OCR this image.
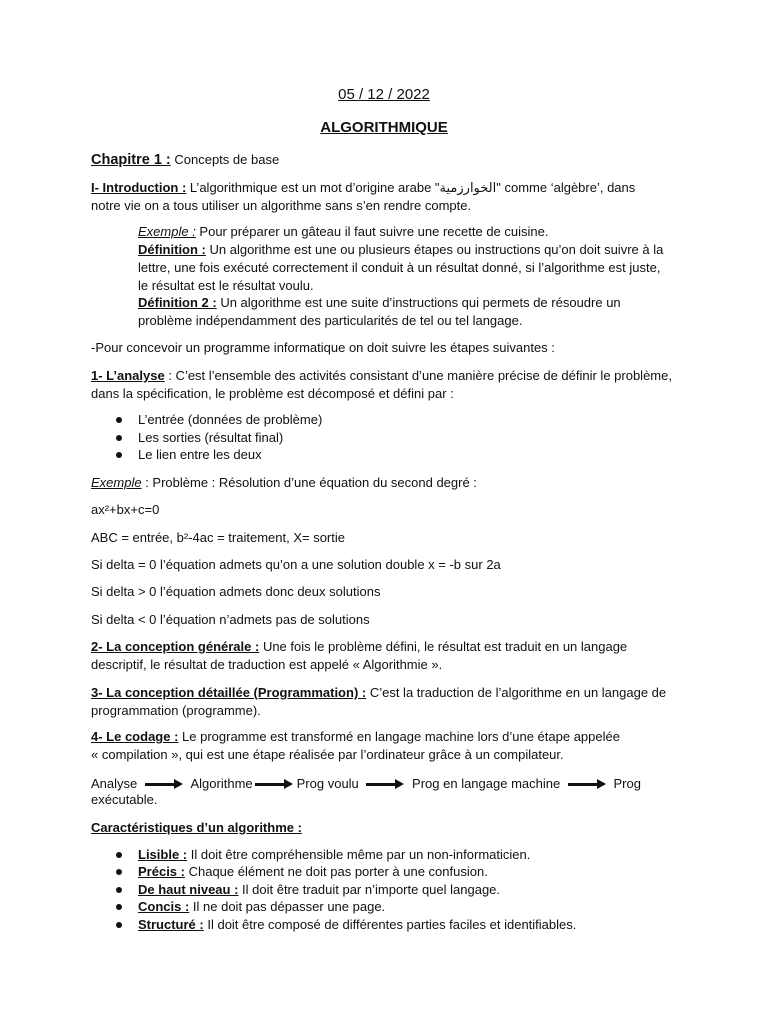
05 / 12 / 2022
ALGORITHMIQUE
Chapitre 1 : Concepts de base
I- Introduction : L’algorithmique est un mot d’origine arabe "الخوارزمية" comme ‘algèbre’, dans
notre vie on a tous utiliser un algorithme sans s’en rendre compte.
Exemple : Pour préparer un gâteau il faut suivre une recette de cuisine.
Définition : Un algorithme est une ou plusieurs étapes ou instructions qu’on doit suivre à la
lettre, une fois exécuté correctement il conduit à un résultat donné, si l’algorithme est juste,
le résultat est le résultat voulu.
Définition 2 : Un algorithme est une suite d’instructions qui permets de résoudre un
problème indépendamment des particularités de tel ou tel langage.
-Pour concevoir un programme informatique on doit suivre les étapes suivantes :
1- L’analyse : C’est l’ensemble des activités consistant d’une manière précise de définir le problème,
dans la spécification, le problème est décomposé et défini par :
L’entrée (données de problème)
Les sorties (résultat final)
Le lien entre les deux
Exemple : Problème : Résolution d’une équation du second degré :
ax²+bx+c=0
ABC = entrée, b²-4ac = traitement, X= sortie
Si delta = 0 l’équation admets qu’on a une solution double x = -b sur 2a
Si delta > 0 l’équation admets donc deux solutions
Si delta < 0 l’équation n’admets pas de solutions
2- La conception générale : Une fois le problème défini, le résultat est traduit en un langage
descriptif, le résultat de traduction est appelé « Algorithmie ».
3- La conception détaillée (Programmation) : C’est la traduction de l’algorithme en un langage de
programmation (programme).
4- Le codage : Le programme est transformé en langage machine lors d’une étape appelée
« compilation », qui est une étape réalisée par l’ordinateur grâce à un compilateur.
Analyse	Algorithme	Prog voulu	Prog en langage machine	Prog
exécutable.
Caractéristiques d’un algorithme :
Lisible : Il doit être compréhensible même par un non-informaticien.
Précis : Chaque élément ne doit pas porter à une confusion.
De haut niveau : Il doit être traduit par n’importe quel langage.
Concis : Il ne doit pas dépasser une page.
Structuré : Il doit être composé de différentes parties faciles et identifiables.
